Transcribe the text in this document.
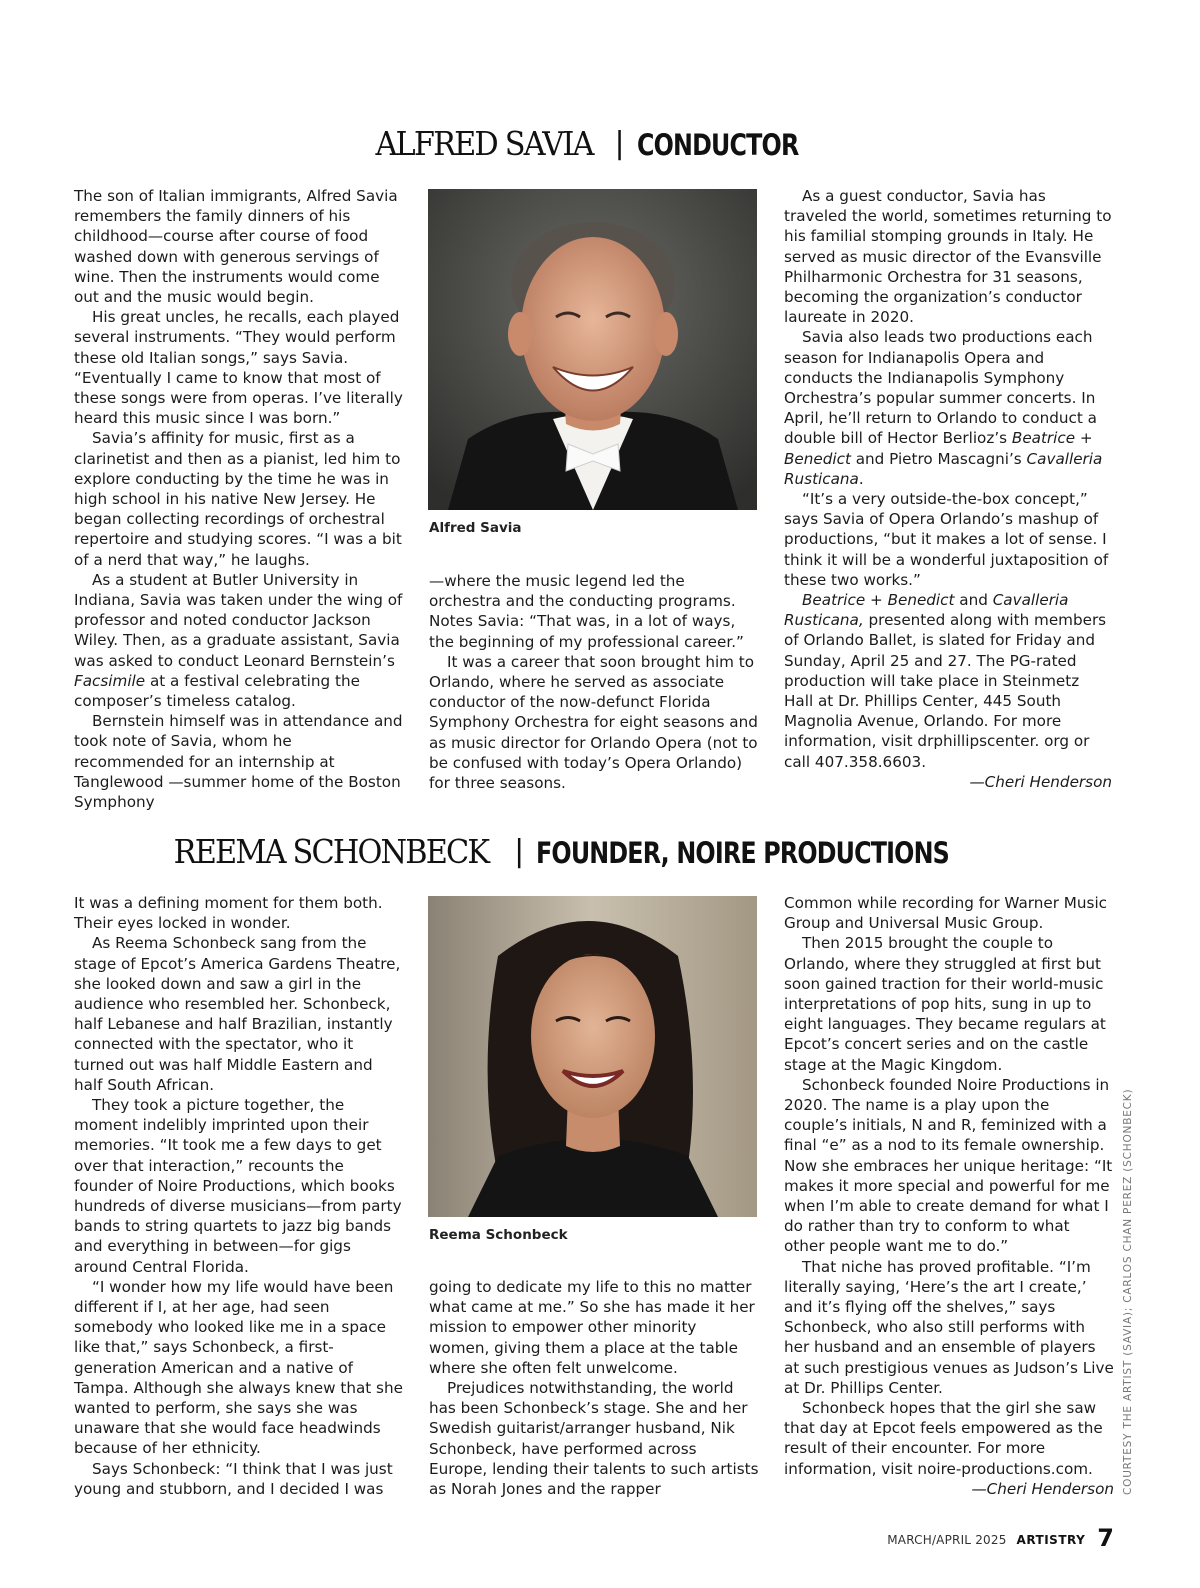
ALFRED SAVIA | CONDUCTOR

The son of Italian immigrants, Alfred Savia remembers the family dinners of his childhood—course after course of food washed down with generous servings of wine. Then the instruments would come out and the music would begin.

His great uncles, he recalls, each played several instruments. “They would perform these old Italian songs,” says Savia. “Eventually I came to know that most of these songs were from operas. I’ve literally heard this music since I was born.”

Savia’s affinity for music, first as a clarinetist and then as a pianist, led him to explore conducting by the time he was in high school in his native New Jersey. He began collecting recordings of orchestral repertoire and studying scores. “I was a bit of a nerd that way,” he laughs.

As a student at Butler University in Indiana, Savia was taken under the wing of professor and noted conductor Jackson Wiley. Then, as a graduate assistant, Savia was asked to conduct Leonard Bernstein’s Facsimile at a festival celebrating the composer’s timeless catalog.

Bernstein himself was in attendance and took note of Savia, whom he recommended for an internship at Tanglewood —summer home of the Boston Symphony

Alfred Savia

—where the music legend led the orchestra and the conducting programs. Notes Savia: “That was, in a lot of ways, the beginning of my professional career.”

It was a career that soon brought him to Orlando, where he served as associate conductor of the now-defunct Florida Symphony Orchestra for eight seasons and as music director for Orlando Opera (not to be confused with today’s Opera Orlando) for three seasons.

As a guest conductor, Savia has traveled the world, sometimes returning to his familial stomping grounds in Italy. He served as music director of the Evansville Philharmonic Orchestra for 31 seasons, becoming the organization’s conductor laureate in 2020.

Savia also leads two productions each season for Indianapolis Opera and conducts the Indianapolis Symphony Orchestra’s popular summer concerts. In April, he’ll return to Orlando to conduct a double bill of Hector Berlioz’s Beatrice + Benedict and Pietro Mascagni’s Cavalleria Rusticana.

“It’s a very outside-the-box concept,” says Savia of Opera Orlando’s mashup of productions, “but it makes a lot of sense. I think it will be a wonderful juxtaposition of these two works.”

Beatrice + Benedict and Cavalleria Rusticana, presented along with members of Orlando Ballet, is slated for Friday and Sunday, April 25 and 27. The PG-rated production will take place in Steinmetz Hall at Dr. Phillips Center, 445 South Magnolia Avenue, Orlando. For more information, visit drphillipscenter. org or call 407.358.6603.

—Cheri Henderson

REEMA SCHONBECK | FOUNDER, NOIRE PRODUCTIONS

It was a defining moment for them both. Their eyes locked in wonder.

As Reema Schonbeck sang from the stage of Epcot’s America Gardens Theatre, she looked down and saw a girl in the audience who resembled her. Schonbeck, half Lebanese and half Brazilian, instantly connected with the spectator, who it turned out was half Middle Eastern and half South African.

They took a picture together, the moment indelibly imprinted upon their memories. “It took me a few days to get over that interaction,” recounts the founder of Noire Productions, which books hundreds of diverse musicians—from party bands to string quartets to jazz big bands and everything in between—for gigs around Central Florida.

“I wonder how my life would have been different if I, at her age, had seen somebody who looked like me in a space like that,” says Schonbeck, a first-generation American and a native of Tampa. Although she always knew that she wanted to perform, she says she was unaware that she would face headwinds because of her ethnicity.

Says Schonbeck: “I think that I was just young and stubborn, and I decided I was

Reema Schonbeck

going to dedicate my life to this no matter what came at me.” So she has made it her mission to empower other minority women, giving them a place at the table where she often felt unwelcome.

Prejudices notwithstanding, the world has been Schonbeck’s stage. She and her Swedish guitarist/arranger husband, Nik Schonbeck, have performed across Europe, lending their talents to such artists as Norah Jones and the rapper

Common while recording for Warner Music Group and Universal Music Group.

Then 2015 brought the couple to Orlando, where they struggled at first but soon gained traction for their world-music interpretations of pop hits, sung in up to eight languages. They became regulars at Epcot’s concert series and on the castle stage at the Magic Kingdom.

Schonbeck founded Noire Productions in 2020. The name is a play upon the couple’s initials, N and R, feminized with a final “e” as a nod to its female ownership. Now she embraces her unique heritage: “It makes it more special and powerful for me when I’m able to create demand for what I do rather than try to conform to what other people want me to do.”

That niche has proved profitable. “I’m literally saying, ‘Here’s the art I create,’ and it’s flying off the shelves,” says Schonbeck, who also still performs with her husband and an ensemble of players at such prestigious venues as Judson’s Live at Dr. Phillips Center.

Schonbeck hopes that the girl she saw that day at Epcot feels empowered as the result of their encounter. For more information, visit noire-productions.com.

—Cheri Henderson COURTESY THE ARTIST (SAVIA); CARLOS CHAN PEREZ (SCHONBECK)
MARCH/APRIL 2025 ARTISTRY 7
